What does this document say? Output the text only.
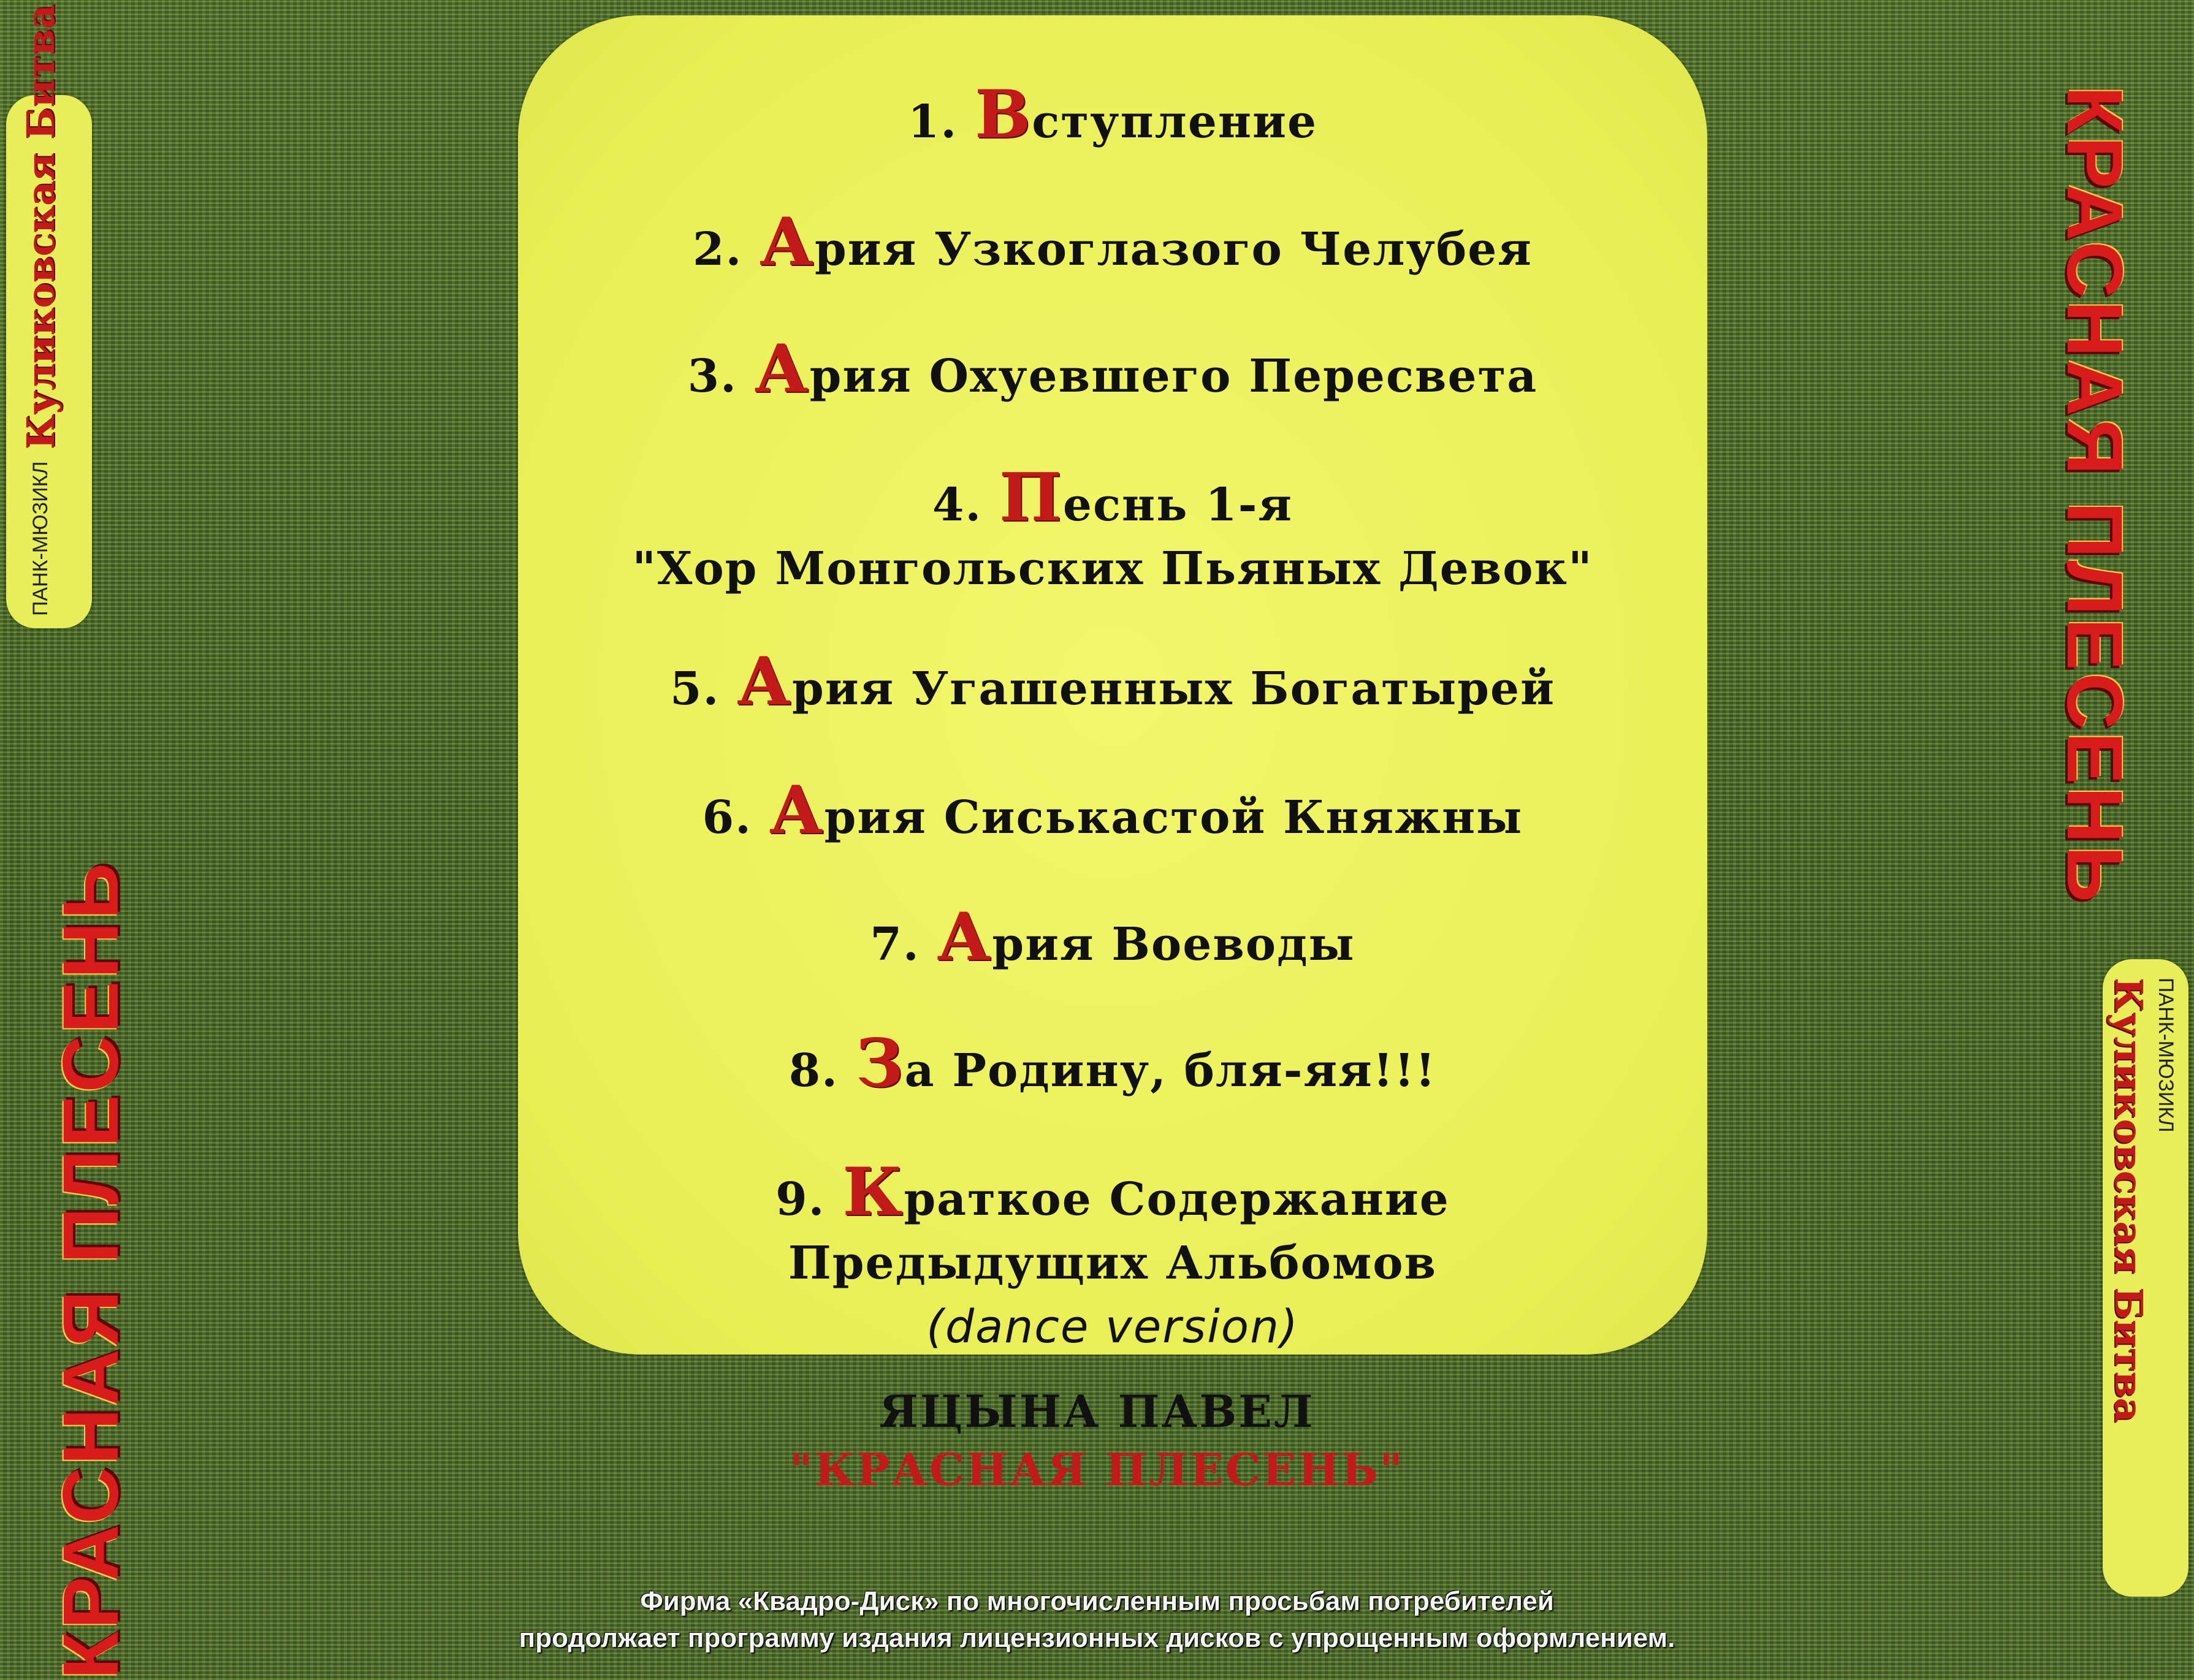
ПАНК-МЮЗИКЛ Куликовская Битва
КРАСНАЯ ПЛЕСЕНЬ
КРАСНАЯ ПЛЕСЕНЬ
ПАНК-МЮЗИКЛ
Куликовская Битва
1. Вступление
2. Ария Узкоглазого Челубея
3. Ария Охуевшего Пересвета
4. Песнь 1-я
"Хор Монгольских Пьяных Девок"
5. Ария Угашенных Богатырей
6. Ария Сиськастой Княжны
7. Ария Воеводы
8. За Родину, бля-яя!!!
9. Краткое Содержание
Предыдущих Альбомов
(dance version)
ЯЦЫНА ПАВЕЛ
"КРАСНАЯ ПЛЕСЕНЬ"
Фирма «Квадро-Диск» по многочисленным просьбам потребителей
продолжает программу издания лицензионных дисков с упрощенным оформлением.
